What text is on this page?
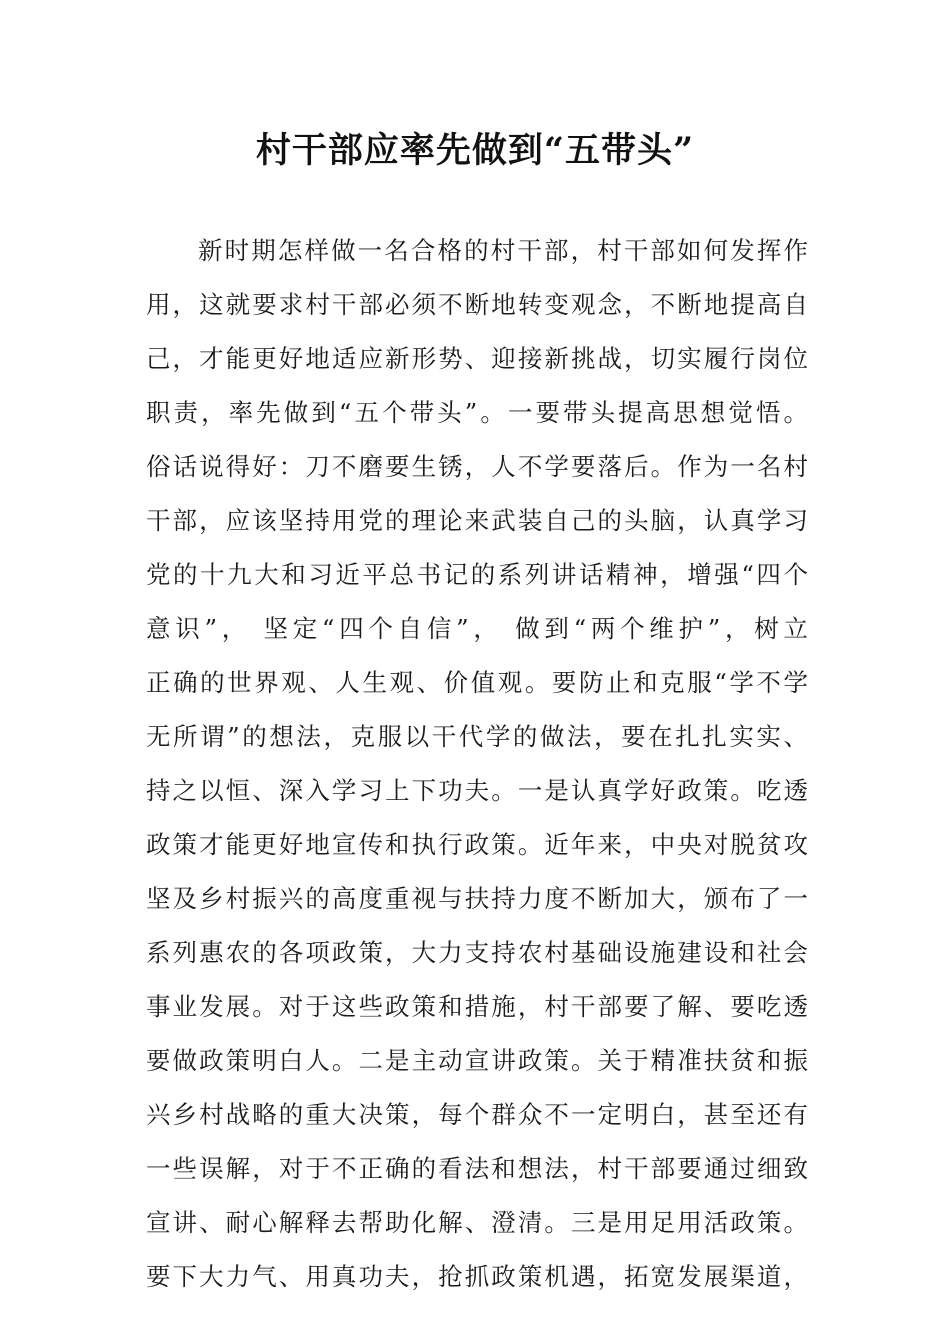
村干部应率先做到“五带头”
新时期怎样做一名合格的村干部，村干部如何发挥作
用，这就要求村干部必须不断地转变观念，不断地提高自
己，才能更好地适应新形势、迎接新挑战，切实履行岗位
职责，率先做到“五个带头”。一要带头提高思想觉悟。
俗话说得好：刀不磨要生锈，人不学要落后。作为一名村
干部，应该坚持用党的理论来武装自己的头脑，认真学习
党的十九大和习近平总书记的系列讲话精神，增强“四个
意识”， 坚定“四个自信”， 做到“两个维护”，树立
正确的世界观、人生观、价值观。要防止和克服“学不学
无所谓”的想法，克服以干代学的做法，要在扎扎实实、
持之以恒、深入学习上下功夫。一是认真学好政策。吃透
政策才能更好地宣传和执行政策。近年来，中央对脱贫攻
坚及乡村振兴的高度重视与扶持力度不断加大，颁布了一
系列惠农的各项政策，大力支持农村基础设施建设和社会
事业发展。对于这些政策和措施，村干部要了解、要吃透
要做政策明白人。二是主动宣讲政策。关于精准扶贫和振
兴乡村战略的重大决策，每个群众不一定明白，甚至还有
一些误解，对于不正确的看法和想法，村干部要通过细致
宣讲、耐心解释去帮助化解、澄清。三是用足用活政策。
要下大力气、用真功夫，抢抓政策机遇，拓宽发展渠道，
